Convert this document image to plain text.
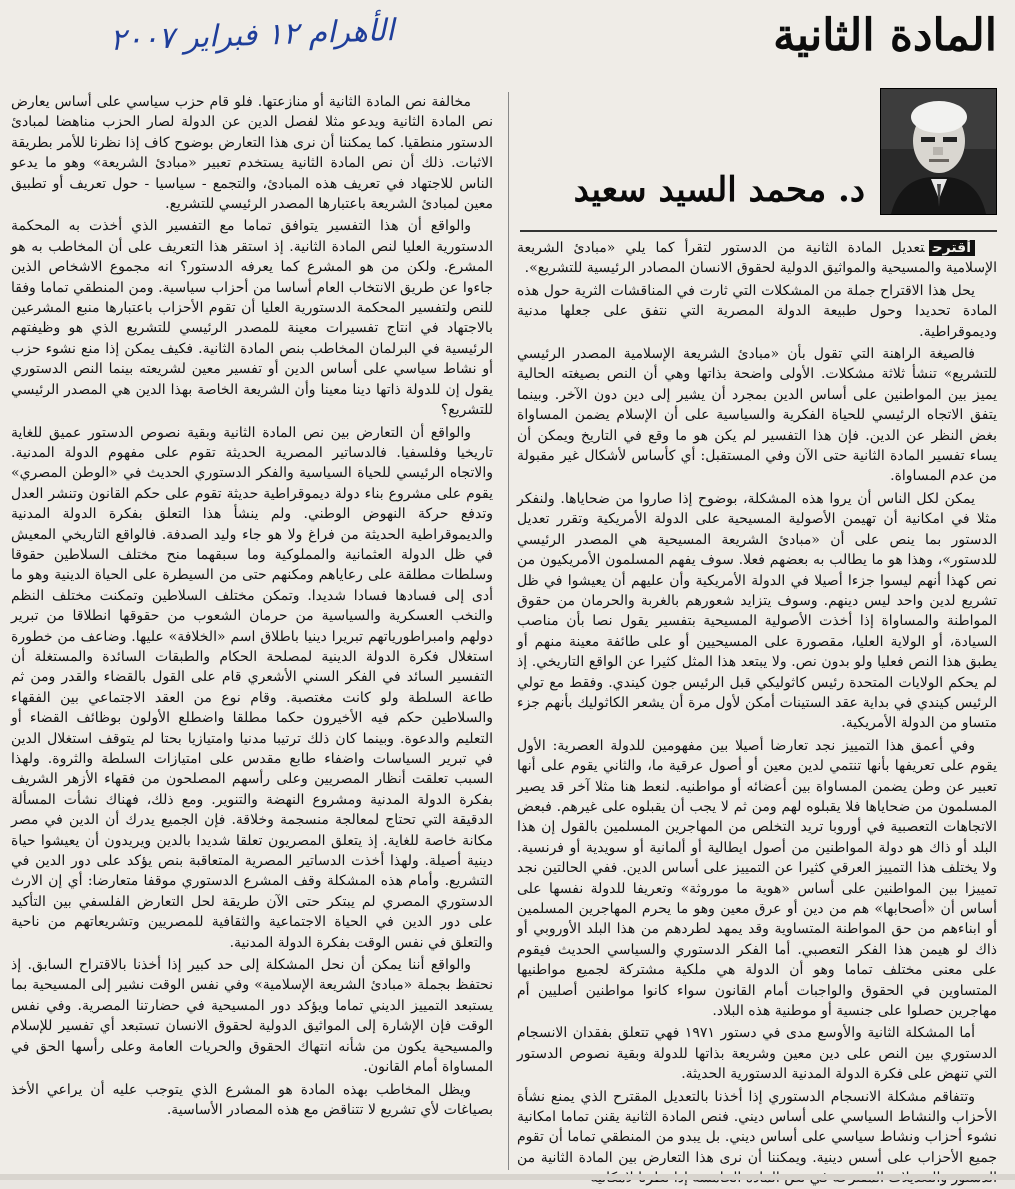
المادة الثانية
الأهرام ١٢ فبراير ٢٠٠٧
د. محمد السيد سعيد

أقترحتعديل المادة الثانية من الدستور لتقرأ كما يلي «مبادئ الشريعة الإسلامية والمسيحية والمواثيق الدولية لحقوق الانسان المصادر الرئيسية للتشريع».

يحل هذا الاقتراح جملة من المشكلات التي ثارت في المناقشات الثرية حول هذه المادة تحديدا وحول طبيعة الدولة المصرية التي نتفق على جعلها مدنية وديموقراطية.

فالصيغة الراهنة التي تقول بأن «مبادئ الشريعة الإسلامية المصدر الرئيسي للتشريع» تنشأ ثلاثة مشكلات. الأولى واضحة بذاتها وهي أن النص بصيغته الحالية يميز بين المواطنين على أساس الدين بمجرد أن يشير إلى دين دون الآخر. وبينما يتفق الاتجاه الرئيسي للحياة الفكرية والسياسية على أن الإسلام يضمن المساواة بغض النظر عن الدين. فإن هذا التفسير لم يكن هو ما وقع في التاريخ ويمكن أن يساء تفسير المادة الثانية حتى الآن وفي المستقبل: أي كأساس لأشكال غير مقبولة من عدم المساواة.

يمكن لكل الناس أن يروا هذه المشكلة، بوضوح إذا صاروا من ضحاياها. ولنفكر مثلا في امكانية أن تهيمن الأصولية المسيحية على الدولة الأمريكية وتقرر تعديل الدستور بما ينص على أن «مبادئ الشريعة المسيحية هي المصدر الرئيسي للدستور»، وهذا هو ما يطالب به بعضهم فعلا. سوف يفهم المسلمون الأمريكيون من نص كهذا أنهم ليسوا جزءا أصيلا في الدولة الأمريكية وأن عليهم أن يعيشوا في ظل تشريع لدين واحد ليس دينهم. وسوف يتزايد شعورهم بالغربة والحرمان من حقوق المواطنة والمساواة إذا أخذت الأصولية المسيحية بتفسير يقول نصا بأن مناصب السيادة، أو الولاية العليا، مقصورة على المسيحيين أو على طائفة معينة منهم أو يطبق هذا النص فعليا ولو بدون نص. ولا يبتعد هذا المثل كثيرا عن الواقع التاريخي. إذ لم يحكم الولايات المتحدة رئيس كاثوليكي قبل الرئيس جون كيندي. وفقط مع تولي الرئيس كيندي في بداية عقد الستينات أمكن لأول مرة أن يشعر الكاثوليك بأنهم جزء متساو من الدولة الأمريكية.

وفي أعمق هذا التمييز نجد تعارضا أصيلا بين مفهومين للدولة العصرية: الأول يقوم على تعريفها بأنها تنتمي لدين معين أو أصول عرقية ما، والثاني يقوم على أنها تعبير عن وطن يضمن المساواة بين أعضائه أو مواطنيه. لنعط هنا مثلا آخر قد يصير المسلمون من ضحاياها فلا يقبلوه لهم ومن ثم لا يجب أن يقبلوه على غيرهم. فبعض الاتجاهات التعصبية في أوروبا تريد التخلص من المهاجرين المسلمين بالقول إن هذا البلد أو ذاك هو دولة المواطنين من أصول ايطالية أو ألمانية أو سويدية أو فرنسية. ولا يختلف هذا التمييز العرقي كثيرا عن التمييز على أساس الدين. ففي الحالتين نجد تمييزا بين المواطنين على أساس «هوية ما موروثة» وتعريفا للدولة نفسها على أساس أن «أصحابها» هم من دين أو عرق معين وهو ما يحرم المهاجرين المسلمين أو ابناءهم من حق المواطنة المتساوية وقد يمهد لطردهم من هذا البلد الأوروبي أو ذاك لو هيمن هذا الفكر التعصبي. أما الفكر الدستوري والسياسي الحديث فيقوم على معنى مختلف تماما وهو أن الدولة هي ملكية مشتركة لجميع مواطنيها المتساوين في الحقوق والواجبات أمام القانون سواء كانوا مواطنين أصليين أم مهاجرين حصلوا على جنسية أو موطنية هذه البلاد.

أما المشكلة الثانية والأوسع مدى في دستور ١٩٧١ فهي تتعلق بفقدان الانسجام الدستوري بين النص على دين معين وشريعة بذاتها للدولة وبقية نصوص الدستور التي تنهض على فكرة الدولة المدنية الدستورية الحديثة.

وتتفاقم مشكلة الانسجام الدستوري إذا أخذنا بالتعديل المقترح الذي يمنع نشأة الأحزاب والنشاط السياسي على أساس ديني. فنص المادة الثانية يقنن تماما امكانية نشوء أحزاب ونشاط سياسي على أساس ديني. بل يبدو من المنطقي تماما أن تقوم جميع الأحزاب على أسس دينية. ويمكننا أن نرى هذا التعارض بين المادة الثانية من

مخالفة نص المادة الثانية أو منازعتها. فلو قام حزب سياسي على أساس يعارض نص المادة الثانية ويدعو مثلا لفصل الدين عن الدولة لصار الحزب مناهضا لمبادئ الدستور منطقيا. كما يمكننا أن نرى هذا التعارض بوضوح كاف إذا نظرنا للأمر بطريقة الاثبات. ذلك أن نص المادة الثانية يستخدم تعبير «مبادئ الشريعة» وهو ما يدعو الناس للاجتهاد في تعريف هذه المبادئ، والتجمع - سياسيا - حول تعريف أو تطبيق معين لمبادئ الشريعة باعتبارها المصدر الرئيسي للتشريع.

والواقع أن هذا التفسير يتوافق تماما مع التفسير الذي أخذت به المحكمة الدستورية العليا لنص المادة الثانية. إذ استقر هذا التعريف على أن المخاطب به هو المشرع. ولكن من هو المشرع كما يعرفه الدستور؟ انه مجموع الاشخاص الذين جاءوا عن طريق الانتخاب العام أساسا من أحزاب سياسية. ومن المنطقي تماما وفقا للنص ولتفسير المحكمة الدستورية العليا أن تقوم الأحزاب باعتبارها منبع المشرعين بالاجتهاد في انتاج تفسيرات معينة للمصدر الرئيسي للتشريع الذي هو وظيفتهم الرئيسية في البرلمان المخاطب بنص المادة الثانية. فكيف يمكن إذا منع نشوء حزب أو نشاط سياسي على أساس الدين أو تفسير معين لشريعته بينما النص الدستوري يقول إن للدولة ذاتها دينا معينا وأن الشريعة الخاصة بهذا الدين هي المصدر الرئيسي للتشريع؟

والواقع أن التعارض بين نص المادة الثانية وبقية نصوص الدستور عميق للغاية تاريخيا وفلسفيا. فالدساتير المصرية الحديثة تقوم على مفهوم الدولة المدنية. والاتجاه الرئيسي للحياة السياسية والفكر الدستوري الحديث في «الوطن المصري» يقوم على مشروع بناء دولة ديموقراطية حديثة تقوم على حكم القانون وتنشر العدل وتدفع حركة النهوض الوطني. ولم ينشأ هذا التعلق بفكرة الدولة المدنية والديموقراطية الحديثة من فراغ ولا هو جاء وليد الصدفة. فالواقع التاريخي المعيش في ظل الدولة العثمانية والمملوكية وما سبقهما منح مختلف السلاطين حقوقا وسلطات مطلقة على رعاياهم ومكنهم حتى من السيطرة على الحياة الدينية وهو ما أدى إلى فسادها فسادا شديدا. وتمكن مختلف السلاطين وتمكنت مختلف النظم والنخب العسكرية والسياسية من حرمان الشعوب من حقوقها انطلاقا من تبرير دولهم وامبراطورياتهم تبريرا دينيا باطلاق اسم «الخلافة» عليها. وضاعف من خطورة استغلال فكرة الدولة الدينية لمصلحة الحكام والطبقات السائدة والمستغلة أن التفسير السائد في الفكر السني الأشعري قام على القول بالقضاء والقدر ومن ثم طاعة السلطة ولو كانت مغتصبة. وقام نوع من العقد الاجتماعي بين الفقهاء والسلاطين حكم فيه الأخيرون حكما مطلقا واضطلع الأولون بوظائف القضاء أو التعليم والدعوة. وبينما كان ذلك ترتيبا مدنيا وامتيازيا بحتا لم يتوقف استغلال الدين في تبرير السياسات واضفاء طابع مقدس على امتيازات السلطة والثروة. ولهذا السبب تعلقت أنظار المصريين وعلى رأسهم المصلحون من فقهاء الأزهر الشريف بفكرة الدولة المدنية ومشروع النهضة والتنوير. ومع ذلك، فهناك نشأت المسألة الدقيقة التي تحتاج لمعالجة منسجمة وخلاقة. فإن الجميع يدرك أن الدين في مصر مكانة خاصة للغاية. إذ يتعلق المصريون تعلقا شديدا بالدين ويريدون أن يعيشوا حياة دينية أصيلة. ولهذا أخذت الدساتير المصرية المتعاقبة بنص يؤكد على دور الدين في التشريع. وأمام هذه المشكلة وقف المشرع الدستوري موقفا متعارضا: أي إن الارث الدستوري المصري لم يبتكر حتى الآن طريقة لحل التعارض الفلسفي بين التأكيد على دور الدين في الحياة الاجتماعية والثقافية للمصريين وتشريعاتهم من ناحية والتعلق في نفس الوقت بفكرة الدولة المدنية.

والواقع أننا يمكن أن نحل المشكلة إلى حد كبير إذا أخذنا بالاقتراح السابق. إذ نحتفظ بجملة «مبادئ الشريعة الإسلامية» وفي نفس الوقت نشير إلى المسيحية بما يستبعد التمييز الديني تماما ويؤكد دور المسيحية في حضارتنا المصرية. وفي نفس الوقت فإن الإشارة إلى المواثيق الدولية لحقوق الانسان تستبعد أي تفسير للإسلام والمسيحية يكون من شأنه انتهاك الحقوق والحريات العامة وعلى رأسها الحق في المساواة أمام القانون.

ويظل المخاطب بهذه المادة هو المشرع الذي يتوجب عليه أن يراعي الأخذ بصياغات لأي تشريع لا تتناقض مع هذه المصادر الأساسية.
